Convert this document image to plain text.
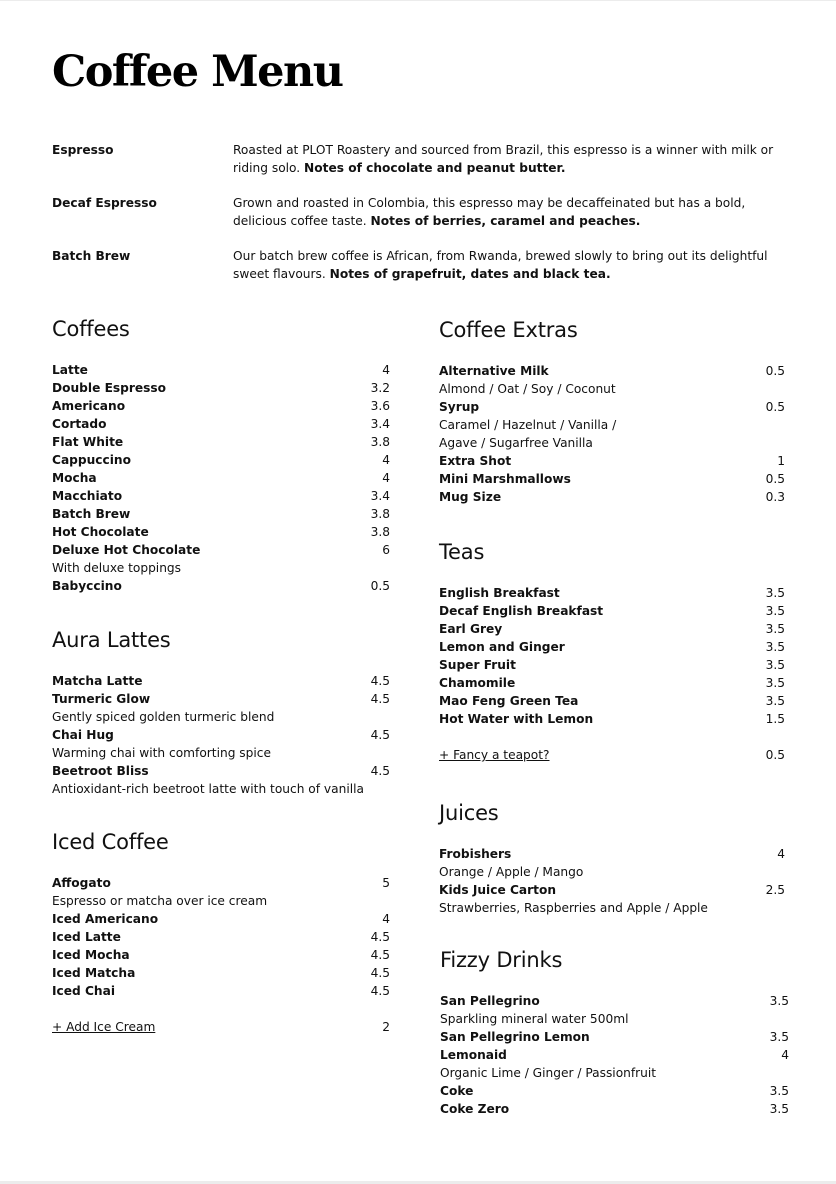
Coffee Menu
Espresso	Roasted at PLOT Roastery and sourced from Brazil, this espresso is a winner with milk or riding solo. Notes of chocolate and peanut butter.
Decaf Espresso	Grown and roasted in Colombia, this espresso may be decaffeinated but has a bold, delicious coffee taste. Notes of berries, caramel and peaches.
Batch Brew	Our batch brew coffee is African, from Rwanda, brewed slowly to bring out its delightful sweet flavours. Notes of grapefruit, dates and black tea.
Coffees
Latte	4
Double Espresso	3.2
Americano	3.6
Cortado	3.4
Flat White	3.8
Cappuccino	4
Mocha	4
Macchiato	3.4
Batch Brew	3.8
Hot Chocolate	3.8
Deluxe Hot Chocolate	6
With deluxe toppings
Babyccino	0.5
Aura Lattes
Matcha Latte	4.5
Turmeric Glow	4.5
Gently spiced golden turmeric blend
Chai Hug	4.5
Warming chai with comforting spice
Beetroot Bliss	4.5
Antioxidant-rich beetroot latte with touch of vanilla
Iced Coffee
Affogato	5
Espresso or matcha over ice cream
Iced Americano	4
Iced Latte	4.5
Iced Mocha	4.5
Iced Matcha	4.5
Iced Chai	4.5
+ Add Ice Cream	2
Coffee Extras
Alternative Milk	0.5
Almond / Oat / Soy / Coconut
Syrup	0.5
Caramel / Hazelnut / Vanilla / Agave / Sugarfree Vanilla
Extra Shot	1
Mini Marshmallows	0.5
Mug Size	0.3
Teas
English Breakfast	3.5
Decaf English Breakfast	3.5
Earl Grey	3.5
Lemon and Ginger	3.5
Super Fruit	3.5
Chamomile	3.5
Mao Feng Green Tea	3.5
Hot Water with Lemon	1.5
+ Fancy a teapot?	0.5
Juices
Frobishers	4
Orange / Apple / Mango
Kids Juice Carton	2.5
Strawberries, Raspberries and Apple / Apple
Fizzy Drinks
San Pellegrino	3.5
Sparkling mineral water 500ml
San Pellegrino Lemon	3.5
Lemonaid	4
Organic Lime / Ginger / Passionfruit
Coke	3.5
Coke Zero	3.5
